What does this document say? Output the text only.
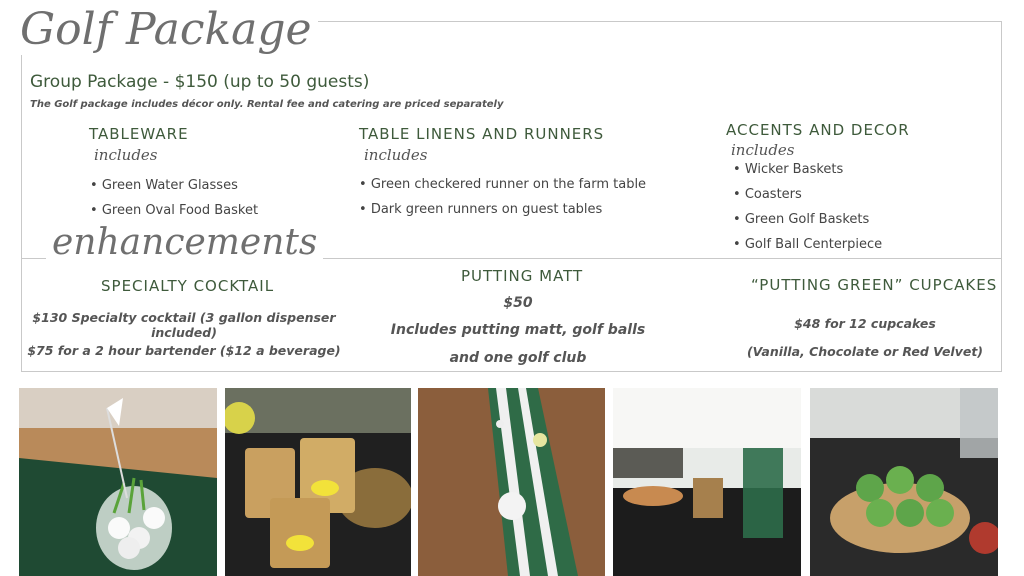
Golf Package
Group Package - $150 (up to 50 guests)
The Golf package includes décor only. Rental fee and catering are priced separately
TABLEWARE
includes
• Green Water Glasses
• Green Oval Food Basket
TABLE LINENS AND RUNNERS
includes
• Green checkered runner on the farm table
• Dark green runners on guest tables
ACCENTS AND DECOR
includes
• Wicker Baskets
• Coasters
• Green Golf Baskets
• Golf Ball Centerpiece
enhancements
SPECIALTY COCKTAIL
$130 Specialty cocktail (3 gallon dispenser
included)
$75 for a 2 hour bartender ($12 a beverage)
PUTTING MATT
$50
Includes putting matt, golf balls
and one golf club
“PUTTING GREEN” CUPCAKES
$48 for 12 cupcakes
(Vanilla, Chocolate or Red Velvet)
